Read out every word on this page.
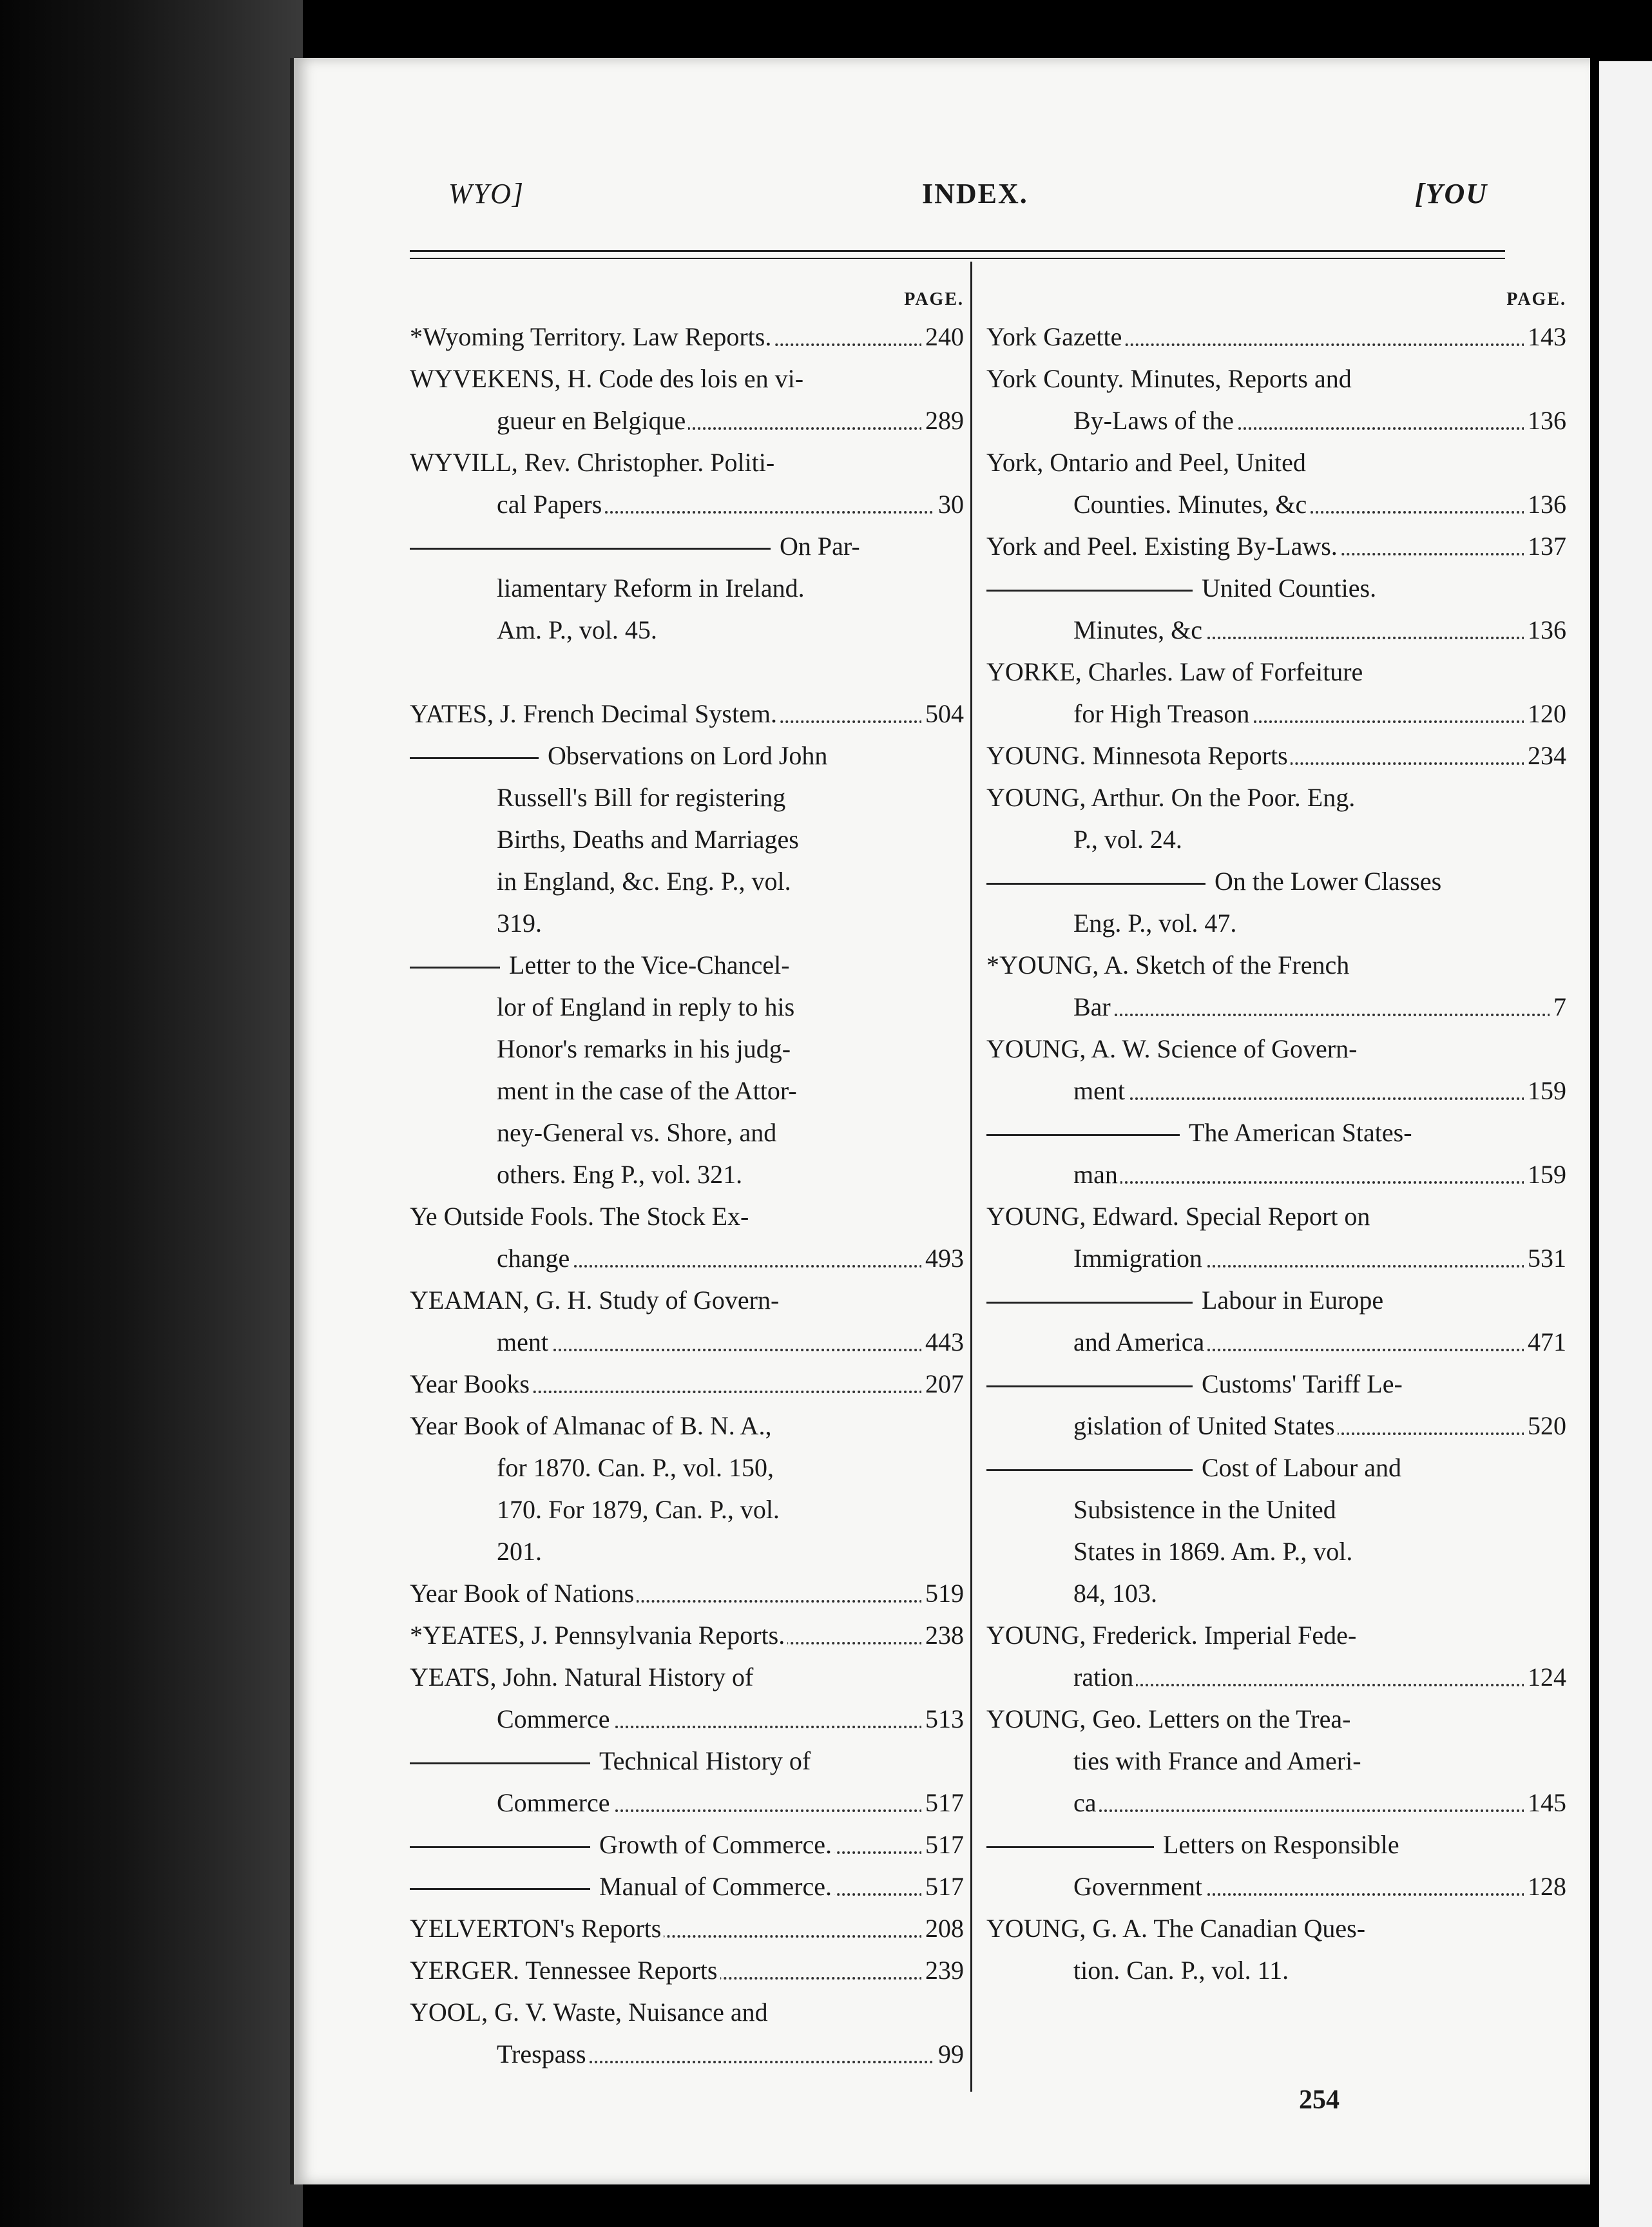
WYO]	INDEX.	[YOU
PAGE.
*Wyoming Territory. Law Reports.	240
WYVEKENS, H. Code des lois en vi-
gueur en Belgique	289
WYVILL, Rev. Christopher. Politi-
cal Papers	30
On Par-
liamentary Reform in Ireland.
Am. P., vol. 45.
YATES, J. French Decimal System.	504
Observations on Lord John
Russell's Bill for registering
Births, Deaths and Marriages
in England, &c. Eng. P., vol.
319.
Letter to the Vice-Chancel-
lor of England in reply to his
Honor's remarks in his judg-
ment in the case of the Attor-
ney-General vs. Shore, and
others. Eng P., vol. 321.
Ye Outside Fools. The Stock Ex-
change	493
YEAMAN, G. H. Study of Govern-
ment	443
Year Books	207
Year Book of Almanac of B. N. A.,
for 1870. Can. P., vol. 150,
170. For 1879, Can. P., vol.
201.
Year Book of Nations	519
*YEATES, J. Pennsylvania Reports.	238
YEATS, John. Natural History of
Commerce	513
Technical History of
Commerce	517
Growth of Commerce.	517
Manual of Commerce.	517
YELVERTON's Reports	208
YERGER. Tennessee Reports	239
YOOL, G. V. Waste, Nuisance and
Trespass	99
PAGE.
York Gazette	143
York County. Minutes, Reports and
By-Laws of the	136
York, Ontario and Peel, United
Counties. Minutes, &c	136
York and Peel. Existing By-Laws.	137
United Counties.
Minutes, &c	136
YORKE, Charles. Law of Forfeiture
for High Treason	120
YOUNG. Minnesota Reports	234
YOUNG, Arthur. On the Poor. Eng.
P., vol. 24.
On the Lower Classes
Eng. P., vol. 47.
*YOUNG, A. Sketch of the French
Bar	7
YOUNG, A. W. Science of Govern-
ment	159
The American States-
man	159
YOUNG, Edward. Special Report on
Immigration	531
Labour in Europe
and America	471
Customs' Tariff Le-
gislation of United States	520
Cost of Labour and
Subsistence in the United
States in 1869. Am. P., vol.
84, 103.
YOUNG, Frederick. Imperial Fede-
ration	124
YOUNG, Geo. Letters on the Trea-
ties with France and Ameri-
ca	145
Letters on Responsible
Government	128
YOUNG, G. A. The Canadian Ques-
tion. Can. P., vol. 11.
254
